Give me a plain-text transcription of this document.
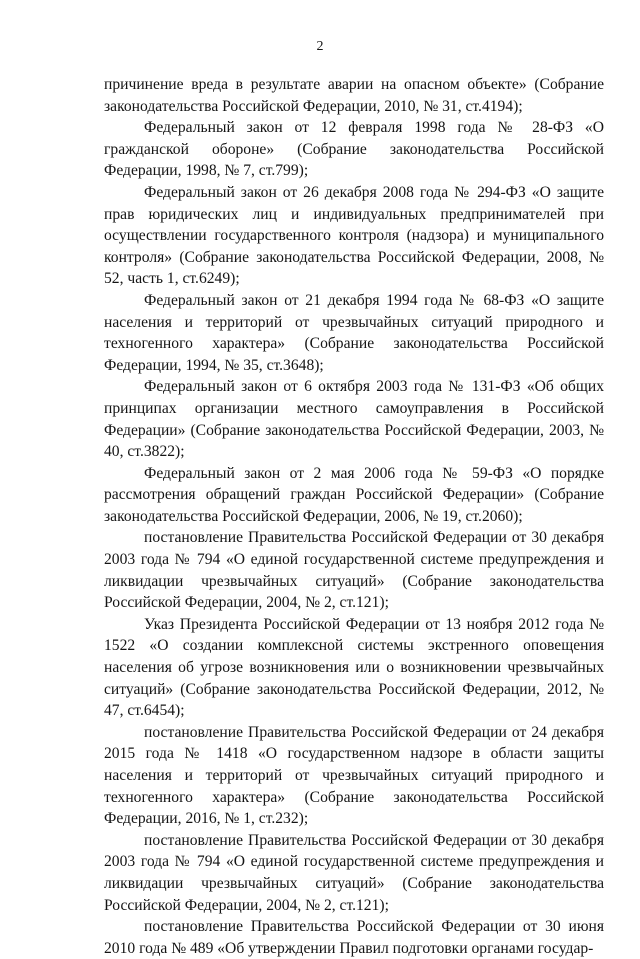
2

причинение вреда в результате аварии на опасном объекте» (Собрание законодательства Российской Федерации, 2010, № 31, ст.4194);

Федеральный закон от 12 февраля 1998 года № 28-ФЗ «О гражданской обороне» (Собрание законодательства Российской Федерации, 1998, № 7, ст.799);

Федеральный закон от 26 декабря 2008 года № 294-ФЗ «О защите прав юридических лиц и индивидуальных предпринимателей при осуществлении государственного контроля (надзора) и муниципального контроля» (Собрание законодательства Российской Федерации, 2008, № 52, часть 1, ст.6249);

Федеральный закон от 21 декабря 1994 года № 68-ФЗ «О защите населения и территорий от чрезвычайных ситуаций природного и техногенного характера» (Собрание законодательства Российской Федерации, 1994, № 35, ст.3648);

Федеральный закон от 6 октября 2003 года № 131-ФЗ «Об общих принципах организации местного самоуправления в Российской Федерации» (Собрание законодательства Российской Федерации, 2003, № 40, ст.3822);

Федеральный закон от 2 мая 2006 года № 59-ФЗ «О порядке рассмотрения обращений граждан Российской Федерации» (Собрание законодательства Российской Федерации, 2006, № 19, ст.2060);

постановление Правительства Российской Федерации от 30 декабря 2003 года № 794 «О единой государственной системе предупреждения и ликвидации чрезвычайных ситуаций» (Собрание законодательства Российской Федерации, 2004, № 2, ст.121);

Указ Президента Российской Федерации от 13 ноября 2012 года № 1522 «О создании комплексной системы экстренного оповещения населения об угрозе возникновения или о возникновении чрезвычайных ситуаций» (Собрание законодательства Российской Федерации, 2012, № 47, ст.6454);

постановление Правительства Российской Федерации от 24 декабря 2015 года № 1418 «О государственном надзоре в области защиты населения и территорий от чрезвычайных ситуаций природного и техногенного характера» (Собрание законодательства Российской Федерации, 2016, № 1, ст.232);

постановление Правительства Российской Федерации от 30 декабря 2003 года № 794 «О единой государственной системе предупреждения и ликвидации чрезвычайных ситуаций» (Собрание законодательства Российской Федерации, 2004, № 2, ст.121);

постановление Правительства Российской Федерации от 30 июня 2010 года № 489 «Об утверждении Правил подготовки органами государ-
